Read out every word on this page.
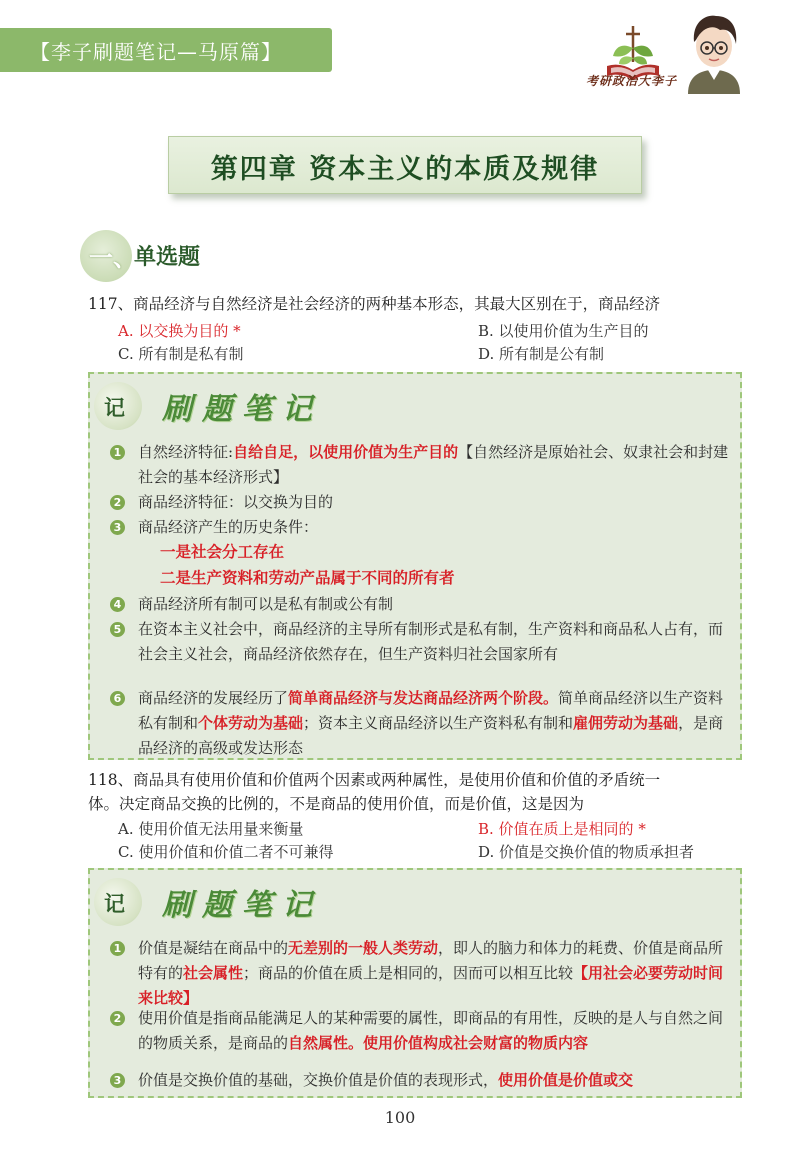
【李子刷题笔记—马原篇】
考研政治大李子
第四章 资本主义的本质及规律
一、
单选题
117、商品经济与自然经济是社会经济的两种基本形态，其最大区别在于，商品经济
A. 以交换为目的 *	B. 以使用价值为生产目的
C. 所有制是私有制	D. 所有制是公有制
记 刷题笔记
1 自然经济特征:自给自足，以使用价值为生产目的【自然经济是原始社会、奴隶社会和封建社会的基本经济形式】
2 商品经济特征：以交换为目的
3 商品经济产生的历史条件：
一是社会分工存在
二是生产资料和劳动产品属于不同的所有者
4 商品经济所有制可以是私有制或公有制
5 在资本主义社会中，商品经济的主导所有制形式是私有制，生产资料和商品私人占有，而社会主义社会，商品经济依然存在，但生产资料归社会国家所有
6 商品经济的发展经历了简单商品经济与发达商品经济两个阶段。简单商品经济以生产资料私有制和个体劳动为基础；资本主义商品经济以生产资料私有制和雇佣劳动为基础，是商品经济的高级或发达形态
118、商品具有使用价值和价值两个因素或两种属性，是使用价值和价值的矛盾统一
体。决定商品交换的比例的，不是商品的使用价值，而是价值，这是因为
A. 使用价值无法用量来衡量	B. 价值在质上是相同的 *
C. 使用价值和价值二者不可兼得	D. 价值是交换价值的物质承担者
记 刷题笔记
1 价值是凝结在商品中的无差别的一般人类劳动，即人的脑力和体力的耗费、价值是商品所特有的社会属性；商品的价值在质上是相同的，因而可以相互比较【用社会必要劳动时间来比较】
2 使用价值是指商品能满足人的某种需要的属性，即商品的有用性，反映的是人与自然之间的物质关系，是商品的自然属性。使用价值构成社会财富的物质内容
3 价值是交换价值的基础，交换价值是价值的表现形式，使用价值是价值或交
100
